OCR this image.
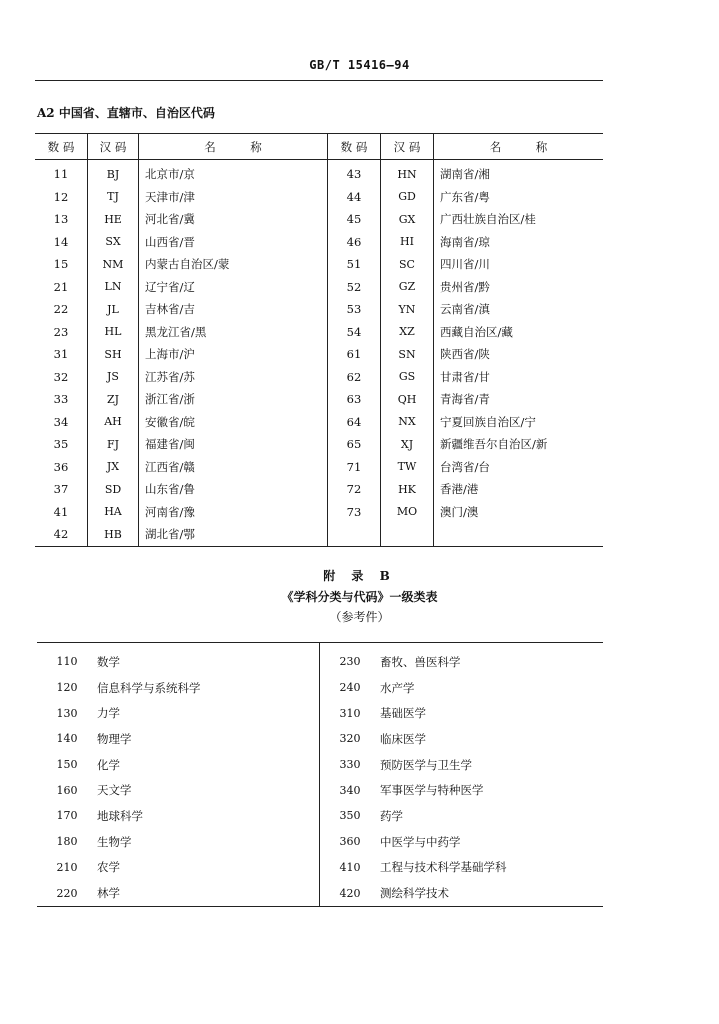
GB/T 15416—94
A2 中国省、直辖市、自治区代码
数 码	汉 码	名　　　称	数 码	汉 码	名　　　称
11	BJ	北京市/京	43	HN	湖南省/湘
12	TJ	天津市/津	44	GD	广东省/粤
13	HE	河北省/冀	45	GX	广西壮族自治区/桂
14	SX	山西省/晋	46	HI	海南省/琼
15	NM	内蒙古自治区/蒙	51	SC	四川省/川
21	LN	辽宁省/辽	52	GZ	贵州省/黔
22	JL	吉林省/吉	53	YN	云南省/滇
23	HL	黑龙江省/黑	54	XZ	西藏自治区/藏
31	SH	上海市/沪	61	SN	陕西省/陕
32	JS	江苏省/苏	62	GS	甘肃省/甘
33	ZJ	浙江省/浙	63	QH	青海省/青
34	AH	安徽省/皖	64	NX	宁夏回族自治区/宁
35	FJ	福建省/闽	65	XJ	新疆维吾尔自治区/新
36	JX	江西省/赣	71	TW	台湾省/台
37	SD	山东省/鲁	72	HK	香港/港
41	HA	河南省/豫	73	MO	澳门/澳
42	HB	湖北省/鄂			
附 录 B
《学科分类与代码》一级类表
（参考件）
110	数学	230	畜牧、兽医科学
120	信息科学与系统科学	240	水产学
130	力学	310	基础医学
140	物理学	320	临床医学
150	化学	330	预防医学与卫生学
160	天文学	340	军事医学与特种医学
170	地球科学	350	药学
180	生物学	360	中医学与中药学
210	农学	410	工程与技术科学基础学科
220	林学	420	测绘科学技术
